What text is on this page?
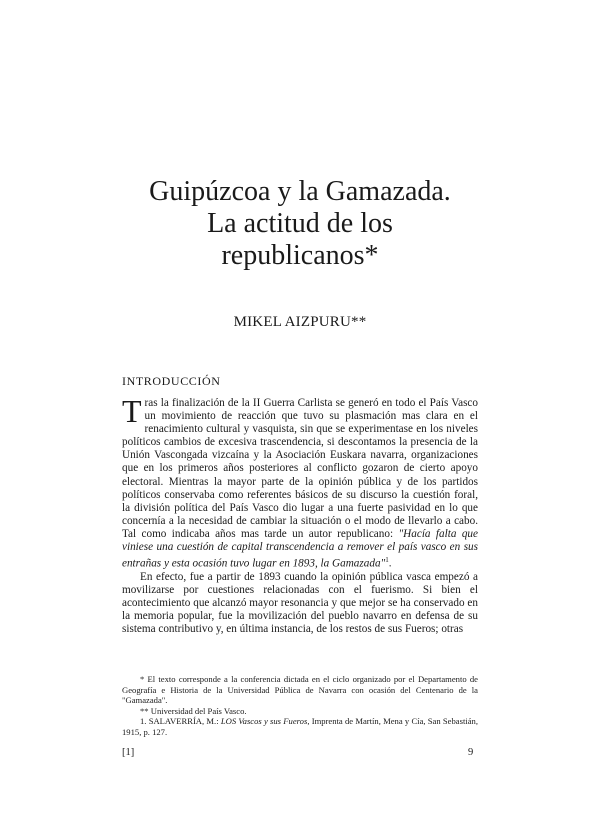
Guipúzcoa y la Gamazada.
La actitud de los
republicanos*
MIKEL AIZPURU**
INTRODUCCIÓN

Tras la finalización de la II Guerra Carlista se generó en todo el País Vasco un movimiento de reacción que tuvo su plasmación mas clara en el renacimiento cultural y vasquista, sin que se experimentase en los niveles políticos cambios de excesiva trascendencia, si descontamos la presencia de la Unión Vascongada vizcaína y la Asociación Euskara navarra, organizaciones que en los primeros años posteriores al conflicto gozaron de cierto apoyo electoral. Mientras la mayor parte de la opinión pública y de los partidos políticos conservaba como referentes básicos de su discurso la cuestión foral, la división política del País Vasco dio lugar a una fuerte pasividad en lo que concernía a la necesidad de cambiar la situación o el modo de llevarlo a cabo. Tal como indicaba años mas tarde un autor republicano: "Hacía falta que viniese una cuestión de capital transcendencia a remover el país vasco en sus entrañas y esta ocasión tuvo lugar en 1893, la Gamazada"$^1$.

En efecto, fue a partir de 1893 cuando la opinión pública vasca empezó a movilizarse por cuestiones relacionadas con el fuerismo. Si bien el acontecimiento que alcanzó mayor resonancia y que mejor se ha conservado en la memoria popular, fue la movilización del pueblo navarro en defensa de su sistema contributivo y, en última instancia, de los restos de sus Fueros; otras

* El texto corresponde a la conferencia dictada en el ciclo organizado por el Departamento de Geografía e Historia de la Universidad Pública de Navarra con ocasión del Centenario de la "Gamazada".

** Universidad del País Vasco.

1. SALAVERRÍA, M.: LOS Vascos y sus Fueros, Imprenta de Martín, Mena y Cía, San Sebastián, 1915, p. 127.

[1]	9
